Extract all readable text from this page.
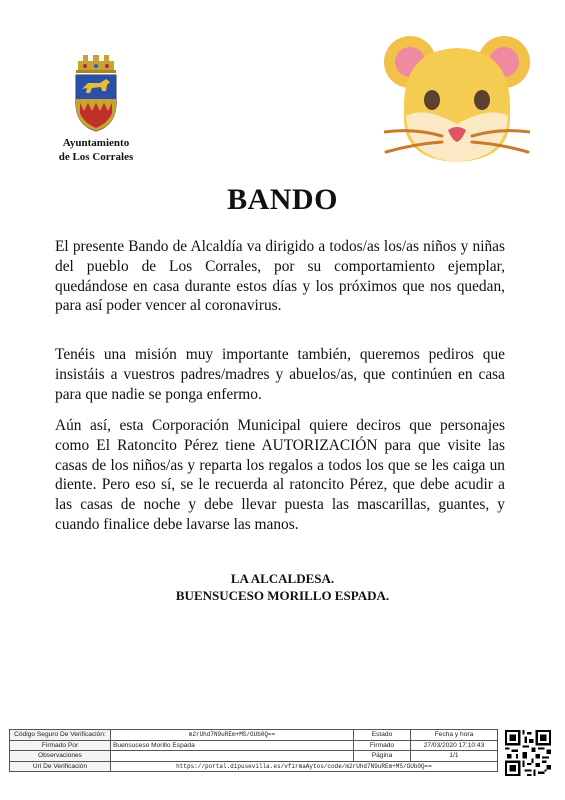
Ayuntamiento
de Los Corrales
BANDO

El presente Bando de Alcaldía va dirigido a todos/as los/as niños y niñas del pueblo de Los Corrales, por su comportamiento ejemplar, quedándose en casa durante estos días y los próximos que nos quedan, para así poder vencer al coronavirus.

Tenéis una misión muy importante también, queremos pediros que insistáis a vuestros padres/madres y abuelos/as, que continúen en casa para que nadie se ponga enfermo.

Aún así, esta Corporación Municipal quiere deciros que personajes como El Ratoncito Pérez tiene AUTORIZACIÓN para que visite las casas de los niños/as y reparta los regalos a todos los que se les caiga un diente. Pero eso sí, se le recuerda al ratoncito Pérez, que debe acudir a las casas de noche y debe llevar puesta las mascarillas, guantes, y cuando finalice debe lavarse las manos.

LA ALCALDESA.
BUENSUCESO MORILLO ESPADA.
Código Seguro De Verificación:	m2rUhd7N9uREm+MS/GUb0Q==	Estado	Fecha y hora
Firmado Por	Buensuceso Morillo Espada	Firmado	27/03/2020 17:10:43
Observaciones		Página	1/1
Url De Verificación	https://portal.dipusevilla.es/vfirmaAytos/code/m2rUhd7N9uREm+MS/GUb0Q==		
